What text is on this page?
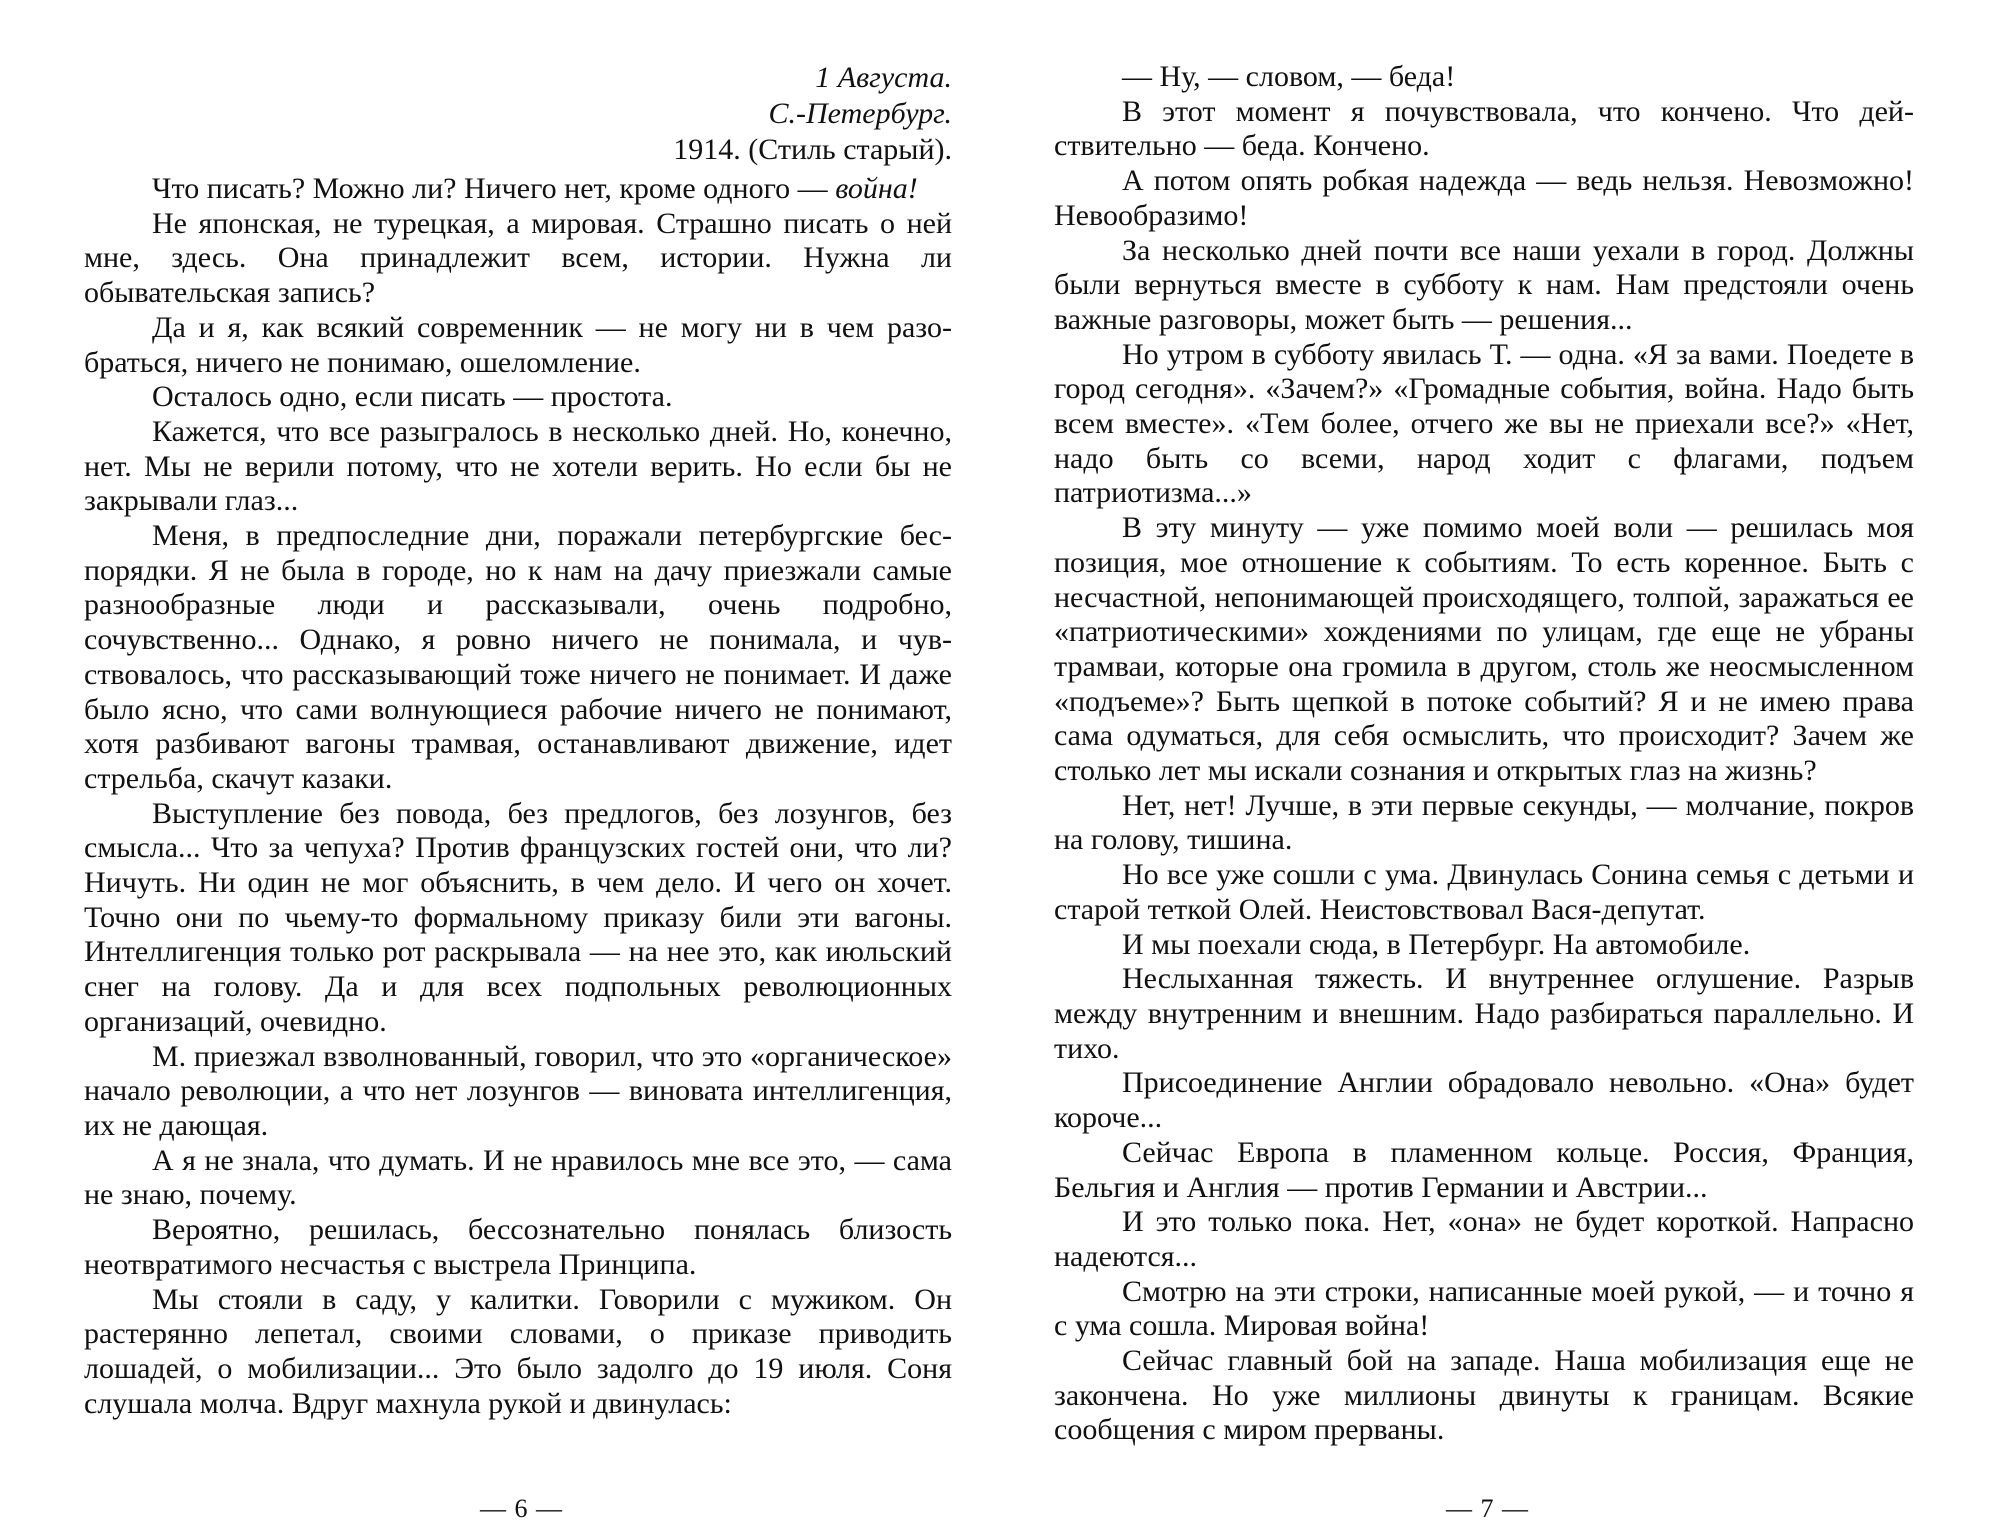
1 Августа.
С.-Петербург.
1914. (Стиль старый).

Что писать? Можно ли? Ничего нет, кроме одного — война!

Не японская, не турецкая, а мировая. Страшно писать о ней мне, здесь. Она принадлежит всем, истории. Нужна ли обывательская запись?

Да и я, как всякий современник — не могу ни в чем разобраться, ничего не понимаю, ошеломление.

Осталось одно, если писать — простота.

Кажется, что все разыгралось в несколько дней. Но, конечно, нет. Мы не верили потому, что не хотели верить. Но если бы не закрывали глаз...

Меня, в предпоследние дни, поражали петербургские беспорядки. Я не была в городе, но к нам на дачу приезжали самые разнообразные люди и рассказывали, очень подробно, сочувственно... Однако, я ровно ничего не понимала, и чувствовалось, что рассказывающий тоже ничего не понимает. И даже было ясно, что сами волнующиеся рабочие ничего не понимают, хотя разбивают вагоны трамвая, останавливают движение, идет стрельба, скачут казаки.

Выступление без повода, без предлогов, без лозунгов, без смысла... Что за чепуха? Против французских гостей они, что ли? Ничуть. Ни один не мог объяснить, в чем дело. И чего он хочет. Точно они по чьему-то формальному приказу били эти вагоны. Интеллигенция только рот раскрывала — на нее это, как июльский снег на голову. Да и для всех подпольных революционных организаций, очевидно.

М. приезжал взволнованный, говорил, что это «органическое» начало революции, а что нет лозунгов — виновата интеллигенция, их не дающая.

А я не знала, что думать. И не нравилось мне все это, — сама не знаю, почему.

Вероятно, решилась, бессознательно понялась близость неотвратимого несчастья с выстрела Принципа.

Мы стояли в саду, у калитки. Говорили с мужиком. Он растерянно лепетал, своими словами, о приказе приводить лошадей, о мобилизации... Это было задолго до 19 июля. Соня слушала молча. Вдруг махнула рукой и двинулась:

— Ну, — словом, — беда!

В этот момент я почувствовала, что кончено. Что действительно — беда. Кончено.

А потом опять робкая надежда — ведь нельзя. Невозможно! Невообразимо!

За несколько дней почти все наши уехали в город. Должны были вернуться вместе в субботу к нам. Нам предстояли очень важные разговоры, может быть — решения...

Но утром в субботу явилась Т. — одна. «Я за вами. Поедете в город сегодня». «Зачем?» «Громадные события, война. Надо быть всем вместе». «Тем более, отчего же вы не приехали все?» «Нет, надо быть со всеми, народ ходит с флагами, подъем патриотизма...»

В эту минуту — уже помимо моей воли — решилась моя позиция, мое отношение к событиям. То есть коренное. Быть с несчастной, непонимающей происходящего, толпой, заражаться ее «патриотическими» хождениями по улицам, где еще не убраны трамваи, которые она громила в другом, столь же неосмысленном «подъеме»? Быть щепкой в потоке событий? Я и не имею права сама одуматься, для себя осмыслить, что происходит? Зачем же столько лет мы искали сознания и открытых глаз на жизнь?

Нет, нет! Лучше, в эти первые секунды, — молчание, покров на голову, тишина.

Но все уже сошли с ума. Двинулась Сонина семья с детьми и старой теткой Олей. Неистовствовал Вася-депутат.

И мы поехали сюда, в Петербург. На автомобиле.

Неслыханная тяжесть. И внутреннее оглушение. Разрыв между внутренним и внешним. Надо разбираться параллельно. И тихо.

Присоединение Англии обрадовало невольно. «Она» будет короче...

Сейчас Европа в пламенном кольце. Россия, Франция, Бельгия и Англия — против Германии и Австрии...

И это только пока. Нет, «она» не будет короткой. Напрасно надеются...

Смотрю на эти строки, написанные моей рукой, — и точно я с ума сошла. Мировая война!

Сейчас главный бой на западе. Наша мобилизация еще не закончена. Но уже миллионы двинуты к границам. Всякие сообщения с миром прерваны.

— 6 —	— 7 —
